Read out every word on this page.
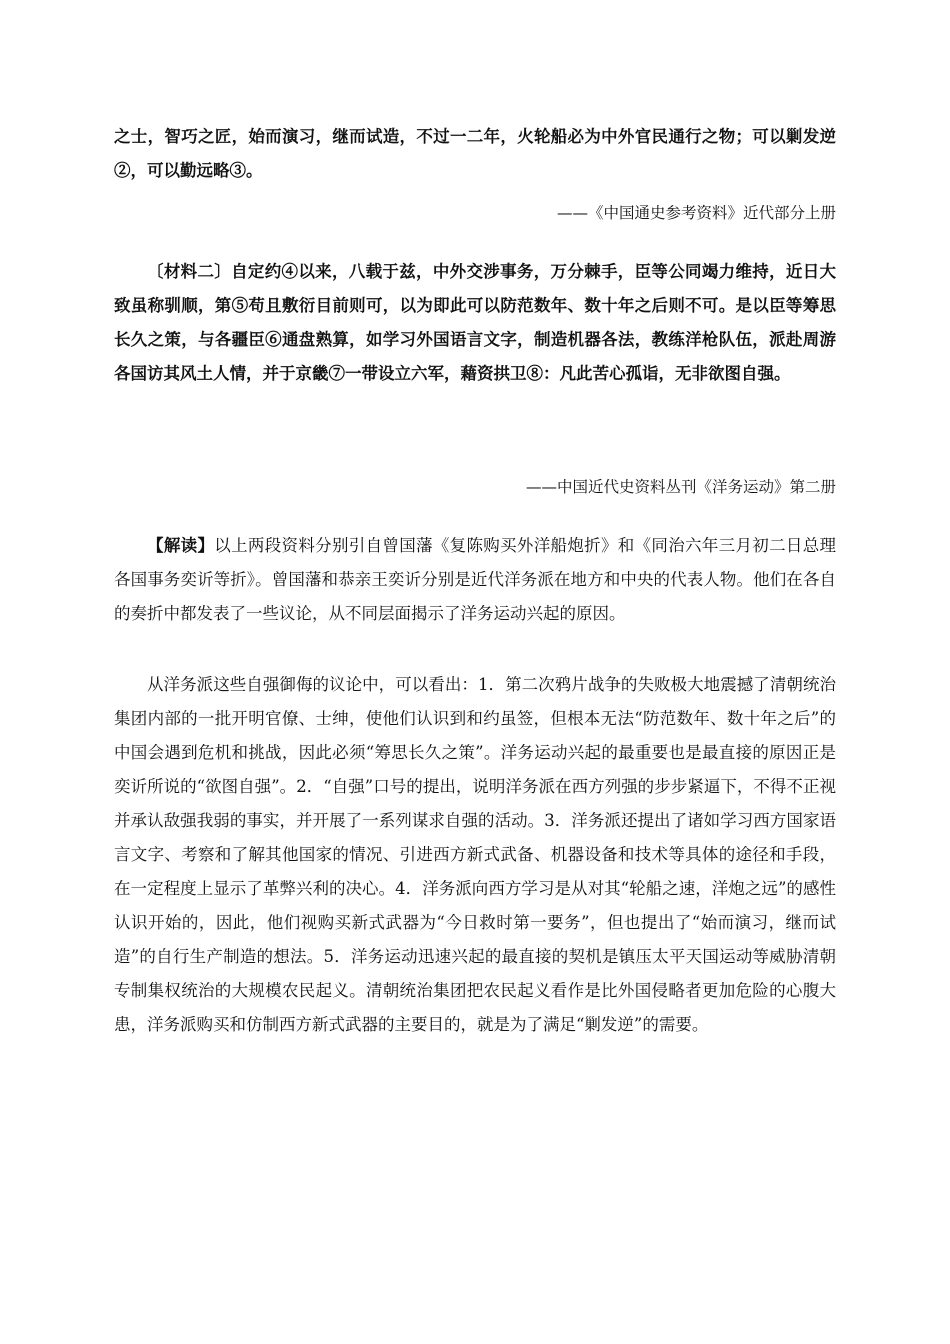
之士，智巧之匠，始而演习，继而试造，不过一二年，火轮船必为中外官民通行之物；可以剿发逆②，可以勤远略③。

——《中国通史参考资料》近代部分上册

〔材料二〕自定约④以来，八载于兹，中外交涉事务，万分棘手，臣等公同竭力维持，近日大致虽称驯顺，第⑤苟且敷衍目前则可，以为即此可以防范数年、数十年之后则不可。是以臣等筹思长久之策，与各疆臣⑥通盘熟算，如学习外国语言文字，制造机器各法，教练洋枪队伍，派赴周游各国访其风土人情，并于京畿⑦一带设立六军，藉资拱卫⑧：凡此苦心孤诣，无非欲图自强。

——中国近代史资料丛刊《洋务运动》第二册

【解读】以上两段资料分别引自曾国藩《复陈购买外洋船炮折》和《同治六年三月初二日总理各国事务奕䜣等折》。曾国藩和恭亲王奕䜣分别是近代洋务派在地方和中央的代表人物。他们在各自的奏折中都发表了一些议论，从不同层面揭示了洋务运动兴起的原因。

从洋务派这些自强御侮的议论中，可以看出：1．第二次鸦片战争的失败极大地震撼了清朝统治集团内部的一批开明官僚、士绅，使他们认识到和约虽签，但根本无法“防范数年、数十年之后”的中国会遇到危机和挑战，因此必须“筹思长久之策”。洋务运动兴起的最重要也是最直接的原因正是奕䜣所说的“欲图自强”。2．“自强”口号的提出，说明洋务派在西方列强的步步紧逼下，不得不正视并承认敌强我弱的事实，并开展了一系列谋求自强的活动。3．洋务派还提出了诸如学习西方国家语言文字、考察和了解其他国家的情况、引进西方新式武备、机器设备和技术等具体的途径和手段，在一定程度上显示了革弊兴利的决心。4．洋务派向西方学习是从对其“轮船之速，洋炮之远”的感性认识开始的，因此，他们视购买新式武器为“今日救时第一要务”，但也提出了“始而演习，继而试造”的自行生产制造的想法。5．洋务运动迅速兴起的最直接的契机是镇压太平天国运动等威胁清朝专制集权统治的大规模农民起义。清朝统治集团把农民起义看作是比外国侵略者更加危险的心腹大患，洋务派购买和仿制西方新式武器的主要目的，就是为了满足“剿发逆”的需要。
